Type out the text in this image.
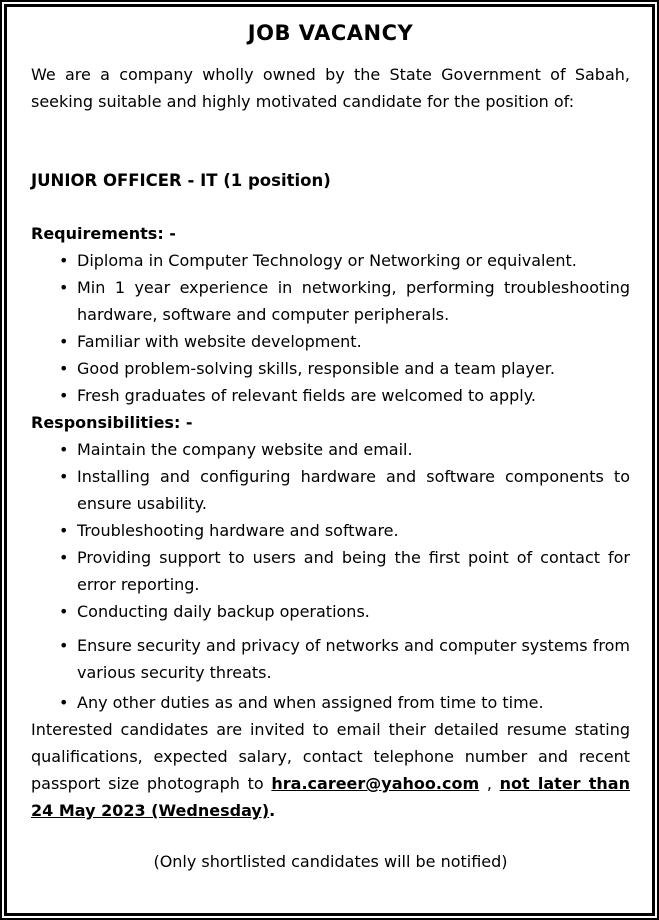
JOB VACANCY

We are a company wholly owned by the State Government of Sabah, seeking suitable and highly motivated candidate for the position of:

JUNIOR OFFICER - IT (1 position)
Requirements: -
• Diploma in Computer Technology or Networking or equivalent.
• Min 1 year experience in networking, performing troubleshooting hardware, software and computer peripherals.
• Familiar with website development.
• Good problem-solving skills, responsible and a team player.
• Fresh graduates of relevant fields are welcomed to apply.
Responsibilities: -
• Maintain the company website and email.
• Installing and configuring hardware and software components to ensure usability.
• Troubleshooting hardware and software.
• Providing support to users and being the first point of contact for error reporting.
• Conducting daily backup operations.
• Ensure security and privacy of networks and computer systems from various security threats.
• Any other duties as and when assigned from time to time.

Interested candidates are invited to email their detailed resume stating qualifications, expected salary, contact telephone number and recent passport size photograph to hra.career@yahoo.com , not later than 24 May 2023 (Wednesday).

(Only shortlisted candidates will be notified)
